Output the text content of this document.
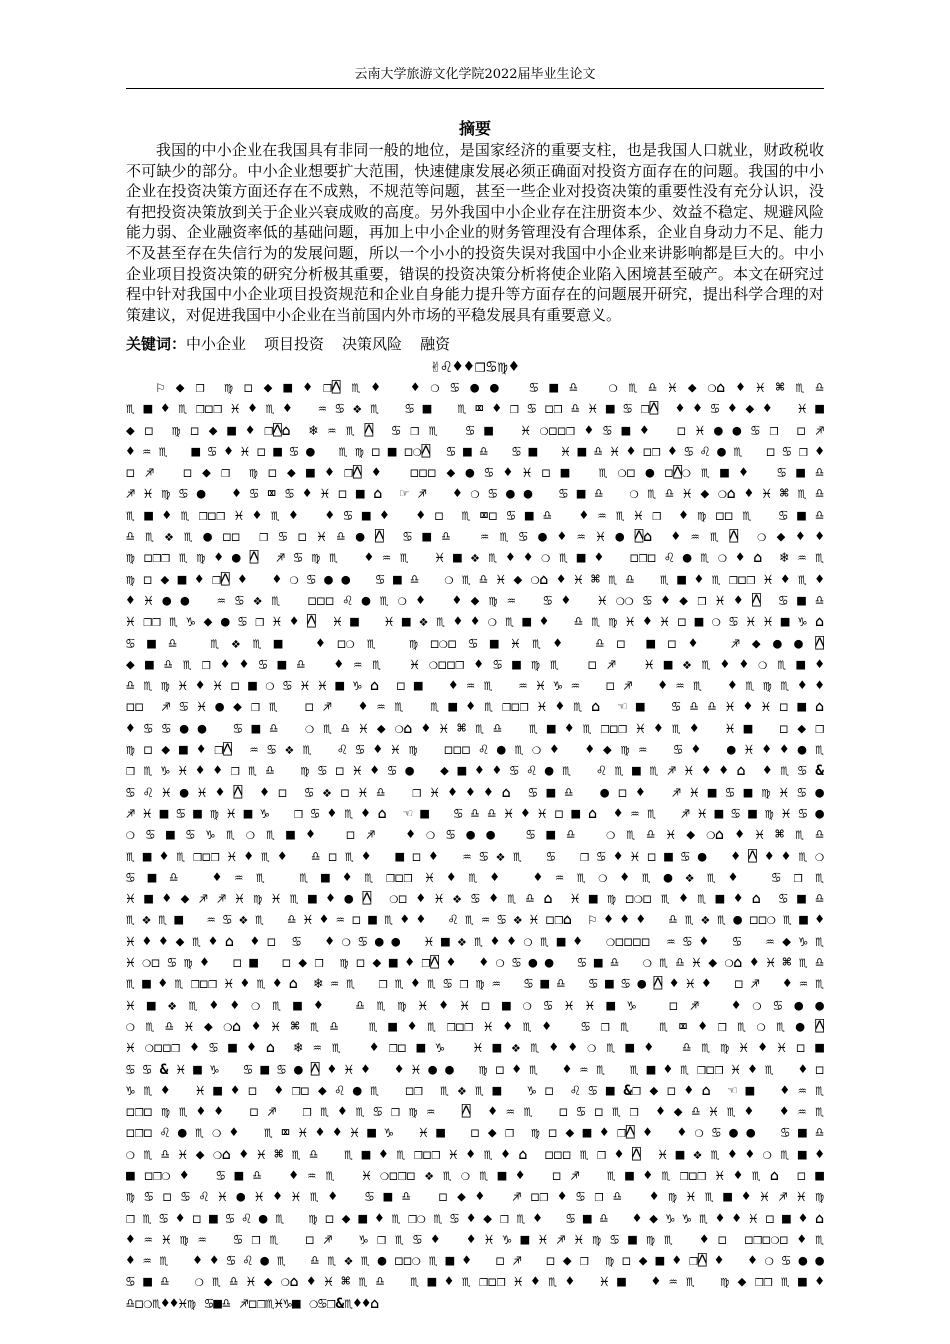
云南大学旅游文化学院2022届毕业生论文
摘要

我国的中小企业在我国具有非同一般的地位，是国家经济的重要支柱，也是我国人口就业，财政税收不可缺少的部分。中小企业想要扩大范围，快速健康发展必须正确面对投资方面存在的问题。我国的中小企业在投资决策方面还存在不成熟，不规范等问题，甚至一些企业对投资决策的重要性没有充分认识，没有把投资决策放到关于企业兴衰成败的高度。另外我国中小企业存在注册资本少、效益不稳定、规避风险能力弱、企业融资率低的基础问题，再加上中小企业的财务管理没有合理体系，企业自身动力不足、能力不及甚至存在失信行为的发展问题，所以一个小小的投资失误对我国中小企业来讲影响都是巨大的。中小企业项目投资决策的研究分析极其重要，错误的投资决策分析将使企业陷入困境甚至破产。本文在研究过程中针对我国中小企业项目投资规范和企业自身能力提升等方面存在的问题展开研究，提出科学合理的对策建议，对促进我国中小企业在当前国内外市场的平稳发展具有重要意义。

关键词：中小企业 项目投资 决策风险 融资
✌♌♦♦❒♋♍♦
⚐◆❒ ♍◻◆■♦❒⍓♏♦ ♦❍♋●● ♋■♎ ❍♏♎♓◆❍⌂♦♓⌘♏♎
♏■♦♏❒◻❒♓♦♏♦ ♒♋❖♏ ♋■ ♏⌧♦❒♋◻❒♎♓■♋❒⍓ ♦♦♋♦◆♦ ♓■
◆◻ ♍◻◆■♦❒⍓⌂ ❄♒♏⍓ ♋❒♏ ♋■ ♓❍◻◻❒♦♋■♦ ◻♓●●♋❒ ◻♐
♦♒♏ ■♋♦♓◻■♋● ♏♍◻■◻❍⍓ ♋■♎ ♋■ ♓■♎♓♦◻❒♦♋♌●♏ ◻♋❒♦
◻♐ ◻◆❒ ♍◻◆■♦❒⍓♦ ◻◻◻◆●♋♦♓◻■ ♏❍◻●◻⍓❍♏■♦ ♋■♎
♐♓♍♋● ♦♋⌧♋♦♓◻■⌂ ☞♐ ♦❍♋●● ♋■♎ ❍♏♎♓◆❍⌂♦♓⌘♏♎
♏■♦♏❒◻❒♓♦♏♦ ♦♋■♦ ♦◻ ♏⌧◻♋■♎ ♦♒♏♓❒ ♦♍◻◻♏ ♋■♎
♎♏❖♏●◻◻ ❒♋◻♓♎●⍓ ♋■♎ ♒♏♋●♦♒♓●⍓⌂ ♦♒♏⍓ ❍◆♦♦
♍◻❒❒♏♍♦●⍓ ♐♋♍♏ ♦♒♏ ♓■❖♏♦♦❍♏■♦ ◻❒◻♌●♏❍♦⌂ ❄♒♏
♍◻◆■♦❒⍓♦ ♦❍♋●● ♋■♎ ❍♏♎♓◆❍⌂♦♓⌘♏♎ ♏■♦♏❒◻❒♓♦♏♦
♦♓●● ♒♋❖♏ ◻◻◻♌●♏❍♦ ♦◆♍♒ ♋♦ ♓❍❍♋♦◆❒♓♦⍓ ♋■♎
♓❒❒♏♑◆●♋❒♓♦⍓ ♓■ ♓■❖♏♦♦❍♏■♦ ♎♏♍♓♦♓◻■❍♋♓♓■♑⌂
♋■♎ ♏❖♏■ ♦◻❍♏ ♍◻❍◻♋■♓♏♦ ♎◻ ■◻♦ ♐◆●●⍓
◆■♎♏❒♦♦♋■♎ ♦♒♏ ♓❍◻◻❒♦♋■♍♏ ◻♐ ♓■❖♏♦♦❍♏■♦
♎♏♍♓♦♓◻■❍♋♓♓■♑⌂ ◻■ ♦♒♏ ♒♓♑♒ ◻♐ ♦♒♏ ♦♏♍♏♦♦
◻◻ ♐♋♓●◆❒♏ ◻♐ ♦♒♏ ♏■♦♏❒◻❒♓♦♏⌂ ☜■ ♋♎♎♓♦♓◻■⌂
♦♋♋●● ♋■♎ ❍♏♎♓◆❍⌂♦♓⌘♏♎ ♏■♦♏❒◻❒♓♦♏♦ ♓■ ◻◆❒
♍◻◆■♦❒⍓ ♒♋❖♏ ♌♋♦♓♍ ◻◻◻♌●♏❍♦ ♦◆♍♒ ♋♦ ●♓♦♦●♏
❒♏♑♓♦♦❒♏♎ ♍♋◻♓♦♋● ◆■♦♦♋♌●♏ ♌♏■♏♐♓♦♦⌂ ♦♏♋&
♋♌♓●♓♦⍓ ♦◻ ♋❖◻♓♎ ❒♓♦♦♦⌂ ♋■♎ ●◻♦ ♐♓■♋■♍♓♋●
♐♓■♋■♍♓■♑ ❒♋♦♏♦⌂ ☜■ ♋♎♎♓♦♓◻■⌂ ♦♒♏ ♐♓■♋■♍♓♋●
❍♋■♋♑♏❍♏■♦ ◻♐ ♦❍♋●● ♋■♎ ❍♏♎♓◆❍⌂♦♓⌘♏♎
♏■♦♏❒◻❒♓♦♏♦ ♎◻♏♦ ■◻♦ ♒♋❖♏ ♋ ❒♋♦♓◻■♋● ♦⍓♦♦♏❍
♋■♎ ♦♒♏ ♏■♦♏❒◻❒♓♦♏♦ ♦♒♏❍♦♏●❖♏♦ ♋❒♏
♓■♦◆♐♐♓♍♓♏■♦●⍓ ❍◻♦♓❖♋♦♏♎⌂ ♓■♍◻❍◻♏♦♏■♦⌂ ♋■♎
♏❖♏■ ♒♋❖♏ ♎♓♦♒◻■♏♦♦ ♌♏♒♋❖♓◻❒⌂ ⚐♦♦♦ ♎♏❖♏●◻◻❍♏■♦
♓♦♦◆♏♦⌂ ♦◻ ♋ ♦❍♋●● ♓■❖♏♦♦❍♏■♦ ❍◻◻◻◻ ♒♋♦ ♋ ♒◆♑♏
♓❍◻♋♍♦ ◻■ ◻◆❒ ♍◻◆■♦❒⍓♦ ♦❍♋●● ♋■♎ ❍♏♎♓◆❍⌂♦♓⌘♏♎
♏■♦♏❒◻❒♓♦♏♦⌂ ❄♒♏ ❒♏♦♏♋❒♍♒ ♋■♎ ♋■♋●⍓♦♓♦ ◻♐ ♦♒♏
♓■❖♏♦♦❍♏■♦ ♎♏♍♓♦♓◻■❍♋♓♓■♑ ◻♐ ♦❍♋●●
❍♏♎♓◆❍⌂♦♓⌘♏♎ ♏■♦♏❒◻❒♓♦♏♦ ♋❒♏ ♏⌧♦❒♏❍♏●⍓
♓❍◻◻❒♦♋■♦⌂ ❄♒♏ ♦❒◻■♑ ♓■❖♏♦♦❍♏■♦ ♎♏♍♓♦♓◻■
♋♋&♓■♑ ♋■♋●⍓♦♓♦ ♦♓●● ♍◻♦♏ ♦♒♏ ♏■♦♏❒◻❒♓♦♏ ♦◻
♑♏♦ ♓■♦◻ ♦❒◻◆♌●♏ ◻❒ ♏❖♏■ ♑◻ ♌♋■&❒◆◻♦⌂ ☜■ ♦♒♏
◻❒◻♍♏♦♦ ◻♐ ❒♏♦♏♋❒♍♒ ⍓ ♦♒♏ ◻♋◻♏❒ ♦◆♎♓♏♦ ♦♒♏
◻❒◻♌●♏❍♦ ♏⌧♓♦♦♓■♑ ♓■ ◻◆❒ ♍◻◆■♦❒⍓♦ ♦❍♋●● ♋■♎
❍♏♎♓◆❍⌂♦♓⌘♏♎ ♏■♦♏❒◻❒♓♦♏♦⌂ ◻◻◻♏❒♦⍓ ♓■❖♏♦♦❍♏■♦
■◻❒❍♦ ♋■♎ ♦♒♏ ♓❍◻❒◻❖♏❍♏■♦ ◻♐ ♏■♦♏❒◻❒♓♦♏⌂ ◻■
♍♋◻♋♌♓●♓♦♓♏♦ ♋■♎ ◻◆♦ ♐◻❒♦♋❒♎ ♦♍♓♏■♦♓♐♓♍
❒♏♋♦◻■♋♌●♏ ♍◻◆■♦♏❒❍♏♋♦◆❒♏♦ ♋■♎ ♦◆♑♑♏♦♦♓◻■♦⌂
♦♒♓♍♒ ♋❒♏ ◻♐ ♑❒♏♋♦ ♦♓♑■♓♐♓♍♋■♍♏ ♦◻ ◻❒◻❍◻♦♏
♦♒♏ ♦♦♋♌●♏ ♎♏❖♏●◻◻❍♏■♦ ◻♐ ◻◆❒ ♍◻◆■♦❒⍓♦ ♦❍♋●●
♋■♎ ❍♏♎♓◆❍⌂♦♓⌘♏♎ ♏■♦♏❒◻❒♓♦♏♦ ♓■ ♦♒♏ ♍◆❒❒♏■♦
♎◻❍♏♦♦♓♍ ♋■♎ ♐◻❒♏♓♑■ ❍♋❒&♏♦♦⌂
